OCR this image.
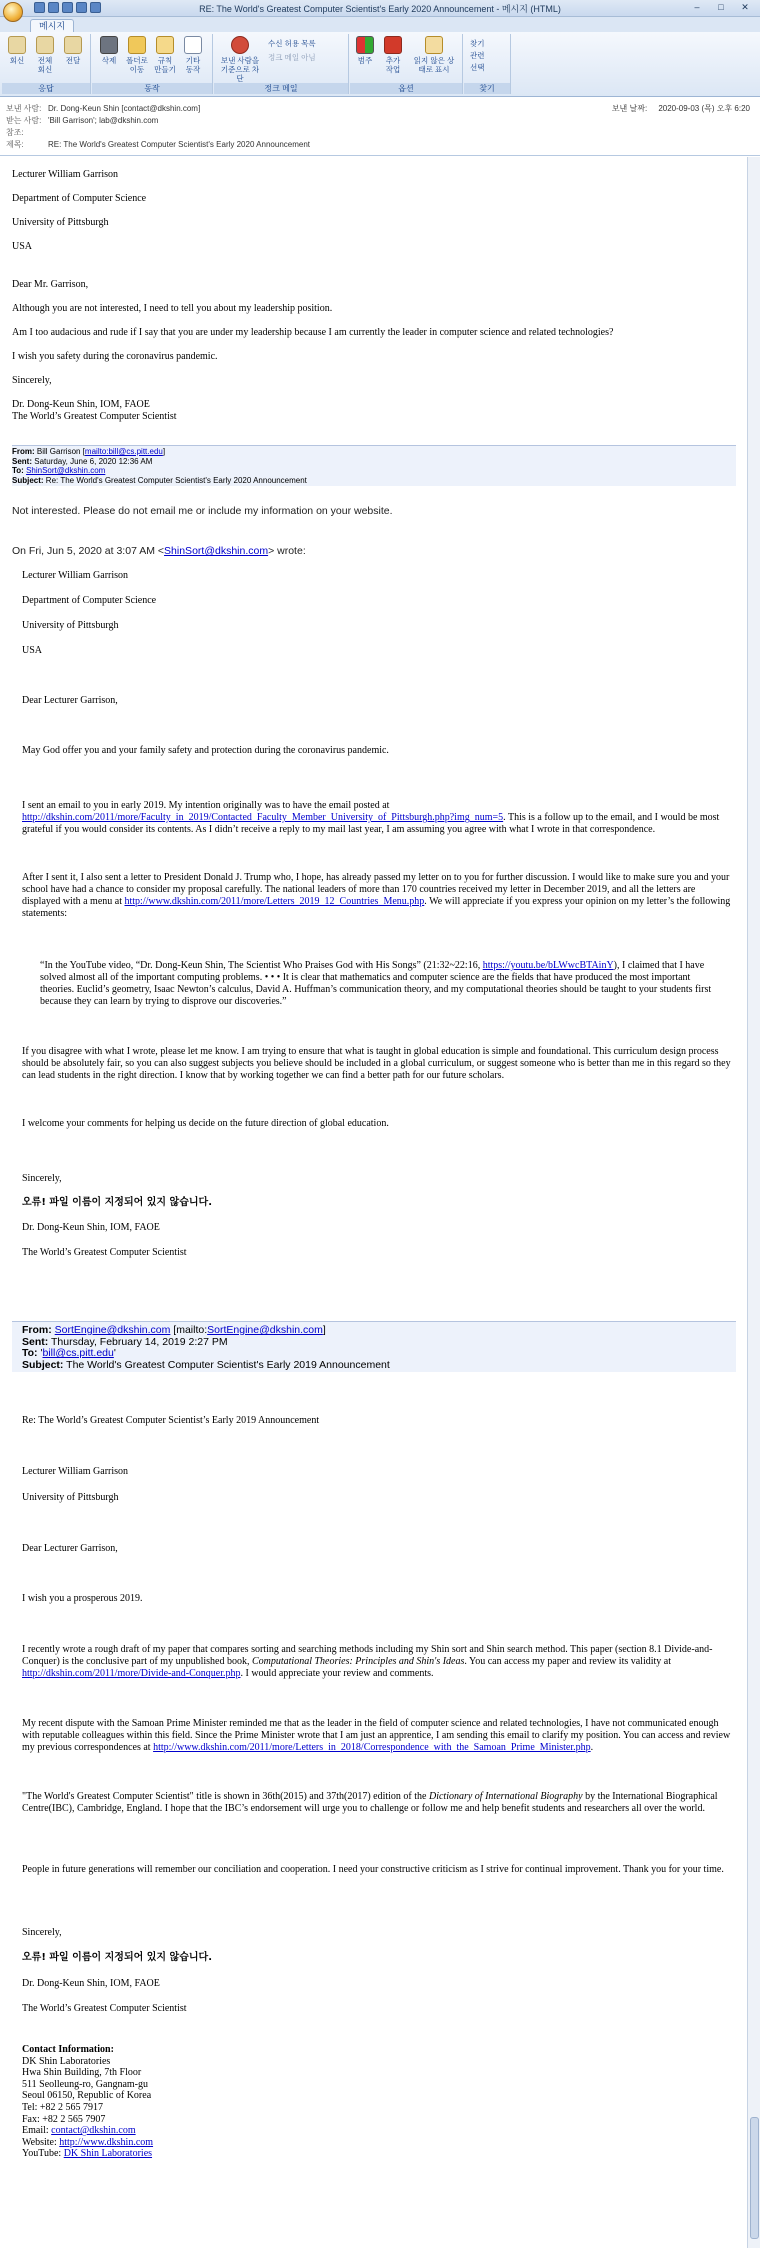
RE: The World's Greatest Computer Scientist's Early 2020 Announcement - 메시지 (HTML)	–	□	✕
메시지
회신	전체 회신
전달
응답
삭제	폴더로 이동
규칙 만들기
기타 동작
동작
보낸 사람을 기준으로 차단
수신 허용 목록
정크 메일 아님
정크 메일
범주	추가 작업
읽지 않은 상태로 표시
옵션
찾기
관련
선택
찾기
보낸 사람: Dr. Dong-Keun Shin [contact@dkshin.com]
받는 사람: 'Bill Garrison'; lab@dkshin.com
참조:
제목:	RE: The World's Greatest Computer Scientist's Early 2020 Announcement
보낸 날짜: 2020-09-03 (목) 오후 6:20
Lecturer William Garrison
Department of Computer Science
University of Pittsburgh
USA
Dear Mr. Garrison,
Although you are not interested, I need to tell you about my leadership position.
Am I too audacious and rude if I say that you are under my leadership because I am currently the leader in computer science and related technologies?
I wish you safety during the coronavirus pandemic.
Sincerely,
Dr. Dong-Keun Shin, IOM, FAOE
The World’s Greatest Computer Scientist
From: Bill Garrison [mailto:bill@cs.pitt.edu]
Sent: Saturday, June 6, 2020 12:36 AM
To: ShinSort@dkshin.com
Subject: Re: The World's Greatest Computer Scientist's Early 2020 Announcement
Not interested. Please do not email me or include my information on your website.
On Fri, Jun 5, 2020 at 3:07 AM <ShinSort@dkshin.com> wrote:
Lecturer William Garrison
Department of Computer Science
University of Pittsburgh
USA
Dear Lecturer Garrison,
May God offer you and your family safety and protection during the coronavirus pandemic.
I sent an email to you in early 2019. My intention originally was to have the email posted at http://dkshin.com/2011/more/Faculty_in_2019/Contacted_Faculty_Member_University_of_Pittsburgh.php?img_num=5. This is a follow up to the email, and I would be most grateful if you would consider its contents. As I didn’t receive a reply to my mail last year, I am assuming you agree with what I wrote in that correspondence.
After I sent it, I also sent a letter to President Donald J. Trump who, I hope, has already passed my letter on to you for further discussion. I would like to make sure you and your school have had a chance to consider my proposal carefully. The national leaders of more than 170 countries received my letter in December 2019, and all the letters are displayed with a menu at http://www.dkshin.com/2011/more/Letters_2019_12_Countries_Menu.php. We will appreciate if you express your opinion on my letter’s the following statements:
“In the YouTube video, “Dr. Dong-Keun Shin, The Scientist Who Praises God with His Songs” (21:32~22:16, https://youtu.be/bLWwcBTAinY), I claimed that I have solved almost all of the important computing problems. • • • It is clear that mathematics and computer science are the fields that have produced the most important theories. Euclid’s geometry, Isaac Newton’s calculus, David A. Huffman’s communication theory, and my computational theories should be taught to your students first because they can learn by trying to disprove our discoveries.”
If you disagree with what I wrote, please let me know. I am trying to ensure that what is taught in global education is simple and foundational. This curriculum design process should be absolutely fair, so you can also suggest subjects you believe should be included in a global curriculum, or suggest someone who is better than me in this regard so they can lead students in the right direction. I know that by working together we can find a better path for our future scholars.
I welcome your comments for helping us decide on the future direction of global education.
Sincerely,
오류! 파일 이름이 지정되어 있지 않습니다.
Dr. Dong-Keun Shin, IOM, FAOE
The World’s Greatest Computer Scientist
From: SortEngine@dkshin.com [mailto:SortEngine@dkshin.com]
Sent: Thursday, February 14, 2019 2:27 PM
To: 'bill@cs.pitt.edu'
Subject: The World's Greatest Computer Scientist's Early 2019 Announcement
Re: The World’s Greatest Computer Scientist’s Early 2019 Announcement
Lecturer William Garrison
University of Pittsburgh
Dear Lecturer Garrison,
I wish you a prosperous 2019.
I recently wrote a rough draft of my paper that compares sorting and searching methods including my Shin sort and Shin search method. This paper (section 8.1 Divide-and-Conquer) is the conclusive part of my unpublished book, Computational Theories: Principles and Shin's Ideas. You can access my paper and review its validity at http://dkshin.com/2011/more/Divide-and-Conquer.php. I would appreciate your review and comments.
My recent dispute with the Samoan Prime Minister reminded me that as the leader in the field of computer science and related technologies, I have not communicated enough with reputable colleagues within this field. Since the Prime Minister wrote that I am just an apprentice, I am sending this email to clarify my position. You can access and review my previous correspondences at http://www.dkshin.com/2011/more/Letters_in_2018/Correspondence_with_the_Samoan_Prime_Minister.php.
"The World's Greatest Computer Scientist" title is shown in 36th(2015) and 37th(2017) edition of the Dictionary of International Biography by the International Biographical Centre(IBC), Cambridge, England. I hope that the IBC’s endorsement will urge you to challenge or follow me and help benefit students and researchers all over the world.
People in future generations will remember our conciliation and cooperation. I need your constructive criticism as I strive for continual improvement. Thank you for your time.
Sincerely,
오류! 파일 이름이 지정되어 있지 않습니다.
Dr. Dong-Keun Shin, IOM, FAOE
The World’s Greatest Computer Scientist
Contact Information:
DK Shin Laboratories
Hwa Shin Building, 7th Floor
511 Seolleung-ro, Gangnam-gu
Seoul 06150, Republic of Korea
Tel: +82 2 565 7917
Fax: +82 2 565 7907
Email: contact@dkshin.com
Website: http://www.dkshin.com
YouTube: DK Shin Laboratories
